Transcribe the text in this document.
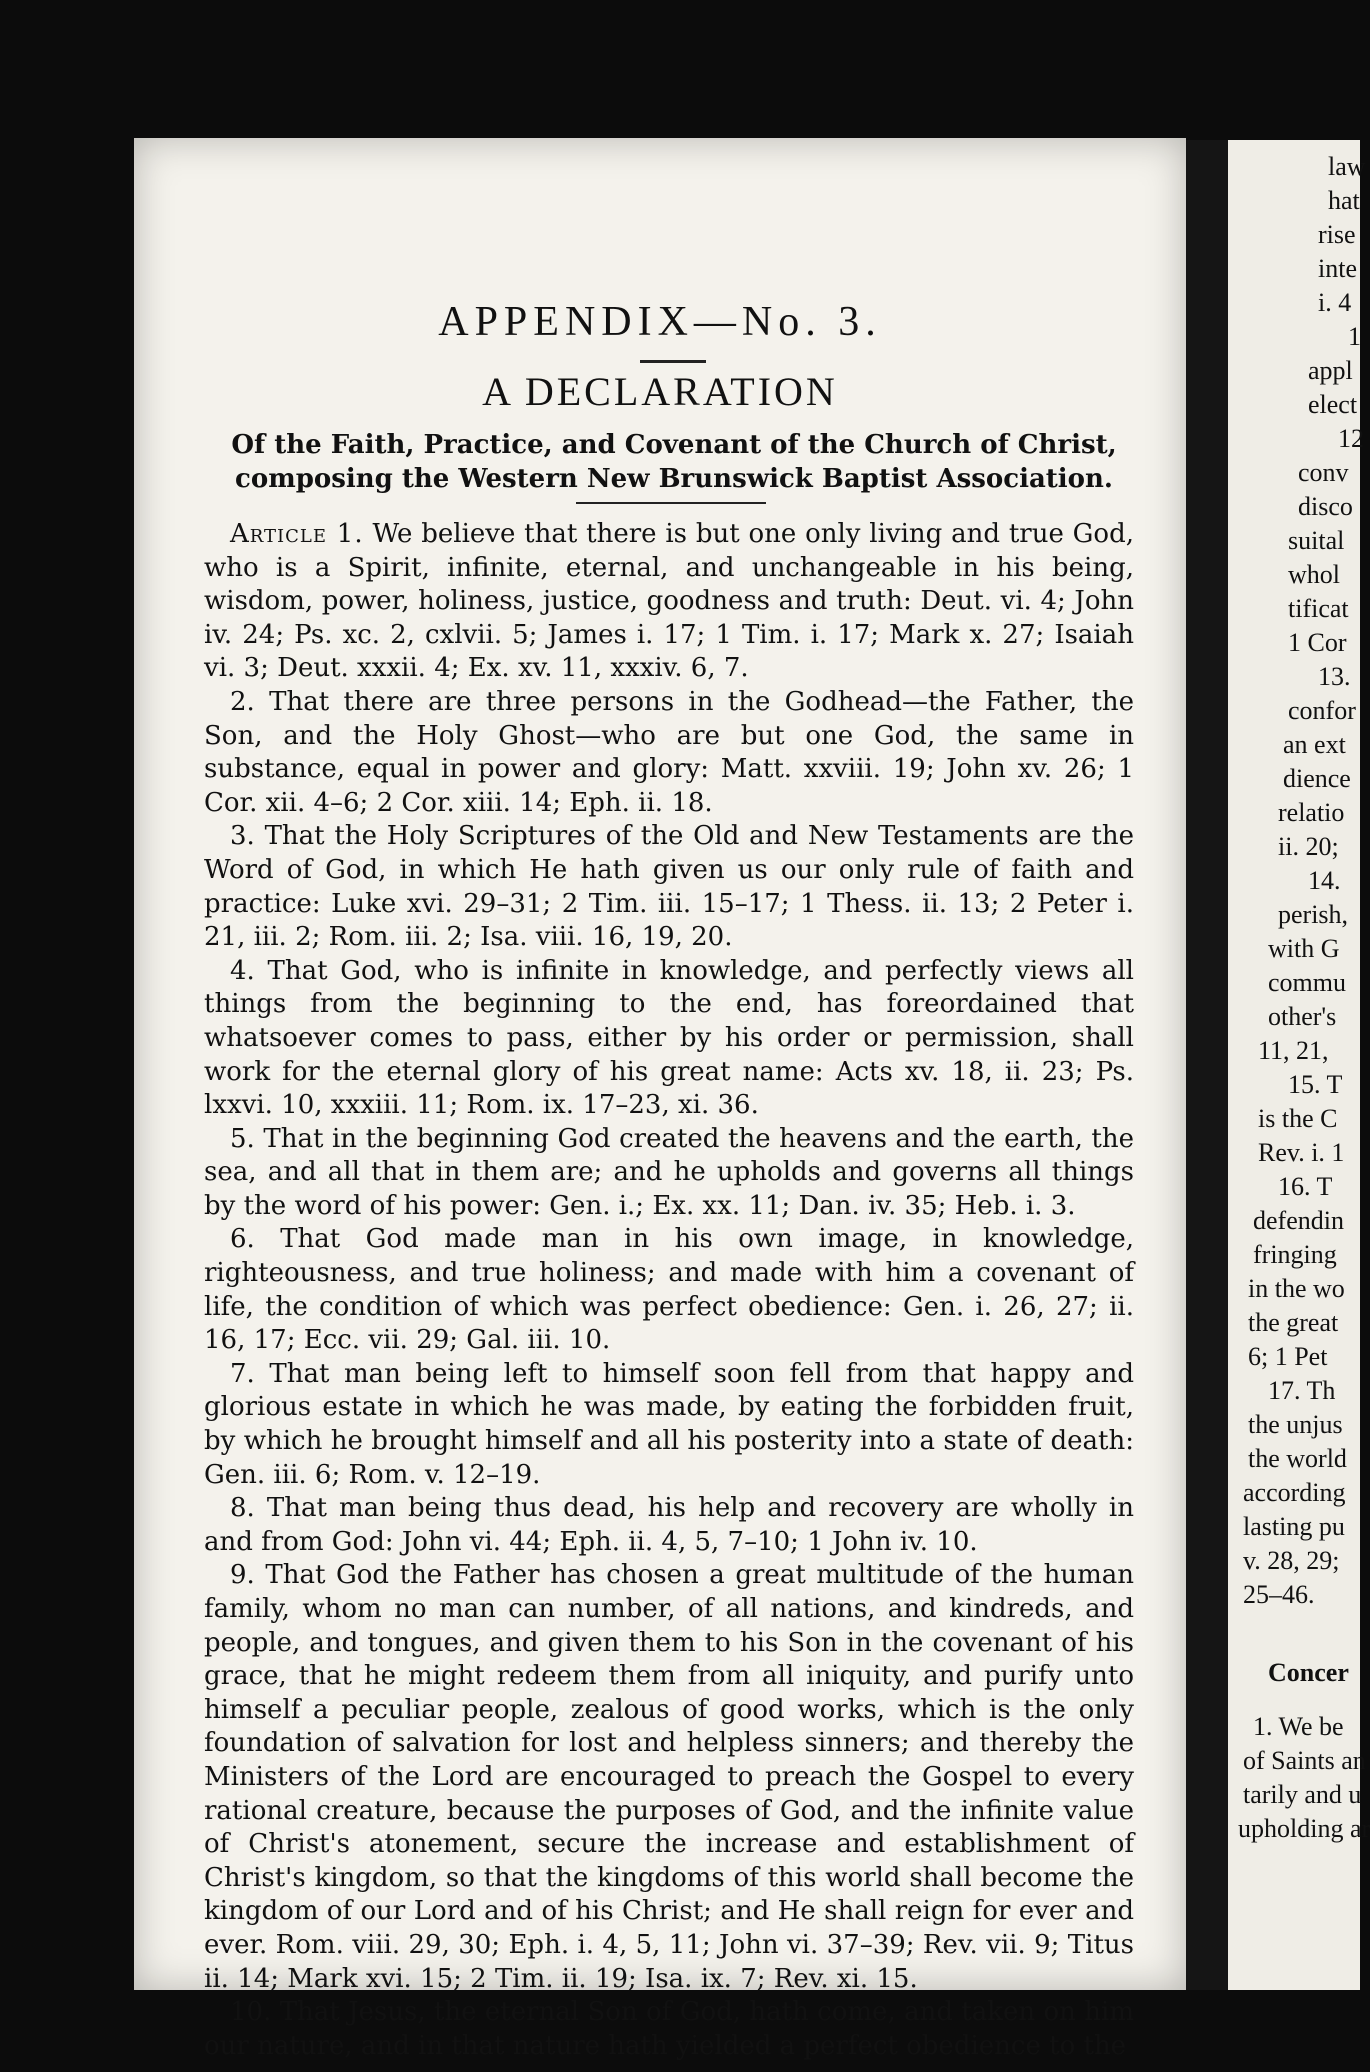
APPENDIX—No. 3.
A DECLARATION
Of the Faith, Practice, and Covenant of the Church of Christ, composing the Western New Brunswick Baptist Association.

Article 1. We believe that there is but one only living and true God, who is a Spirit, infinite, eternal, and unchangeable in his being, wisdom, power, holiness, justice, goodness and truth: Deut. vi. 4; John iv. 24; Ps. xc. 2, cxlvii. 5; James i. 17; 1 Tim. i. 17; Mark x. 27; Isaiah vi. 3; Deut. xxxii. 4; Ex. xv. 11, xxxiv. 6, 7.

2. That there are three persons in the Godhead—the Father, the Son, and the Holy Ghost—who are but one God, the same in substance, equal in power and glory: Matt. xxviii. 19; John xv. 26; 1 Cor. xii. 4–6; 2 Cor. xiii. 14; Eph. ii. 18.

3. That the Holy Scriptures of the Old and New Testaments are the Word of God, in which He hath given us our only rule of faith and practice: Luke xvi. 29–31; 2 Tim. iii. 15–17; 1 Thess. ii. 13; 2 Peter i. 21, iii. 2; Rom. iii. 2; Isa. viii. 16, 19, 20.

4. That God, who is infinite in knowledge, and perfectly views all things from the beginning to the end, has foreordained that whatsoever comes to pass, either by his order or permission, shall work for the eternal glory of his great name: Acts xv. 18, ii. 23; Ps. lxxvi. 10, xxxiii. 11; Rom. ix. 17–23, xi. 36.

5. That in the beginning God created the heavens and the earth, the sea, and all that in them are; and he upholds and governs all things by the word of his power: Gen. i.; Ex. xx. 11; Dan. iv. 35; Heb. i. 3.

6. That God made man in his own image, in knowledge, righteousness, and true holiness; and made with him a covenant of life, the condition of which was perfect obedience: Gen. i. 26, 27; ii. 16, 17; Ecc. vii. 29; Gal. iii. 10.

7. That man being left to himself soon fell from that happy and glorious estate in which he was made, by eating the forbidden fruit, by which he brought himself and all his posterity into a state of death: Gen. iii. 6; Rom. v. 12–19.

8. That man being thus dead, his help and recovery are wholly in and from God: John vi. 44; Eph. ii. 4, 5, 7–10; 1 John iv. 10.

9. That God the Father has chosen a great multitude of the human family, whom no man can number, of all nations, and kindreds, and people, and tongues, and given them to his Son in the covenant of his grace, that he might redeem them from all iniquity, and purify unto himself a peculiar people, zealous of good works, which is the only foundation of salvation for lost and helpless sinners; and thereby the Ministers of the Lord are encouraged to preach the Gospel to every rational creature, because the purposes of God, and the infinite value of Christ's atonement, secure the increase and establishment of Christ's kingdom, so that the kingdoms of this world shall become the kingdom of our Lord and of his Christ; and He shall reign for ever and ever. Rom. viii. 29, 30; Eph. i. 4, 5, 11; John vi. 37–39; Rev. vii. 9; Titus ii. 14; Mark xvi. 15; 2 Tim. ii. 19; Isa. ix. 7; Rev. xi. 15.

10. That Jesus, the eternal Son of God, hath come, and taken on him our nature, and in that nature hath yielded a perfect obedience to the

law
hat
rise
inte
i. 4
1
appl
elect
12
conv
disco
suital
whol
tificat
1 Cor
13.
confor
an ext
dience
relatio
ii. 20;
14.
perish,
with G
commu
other's
11, 21,
15. T
is the C
Rev. i. 1
16. T
defendin
fringing
in the wo
the great
6; 1 Pet
17. Th
the unjus
the world
according
lasting pu
v. 28, 29;
25–46.
Concer
1. We be
of Saints an
tarily and u
upholding ar
